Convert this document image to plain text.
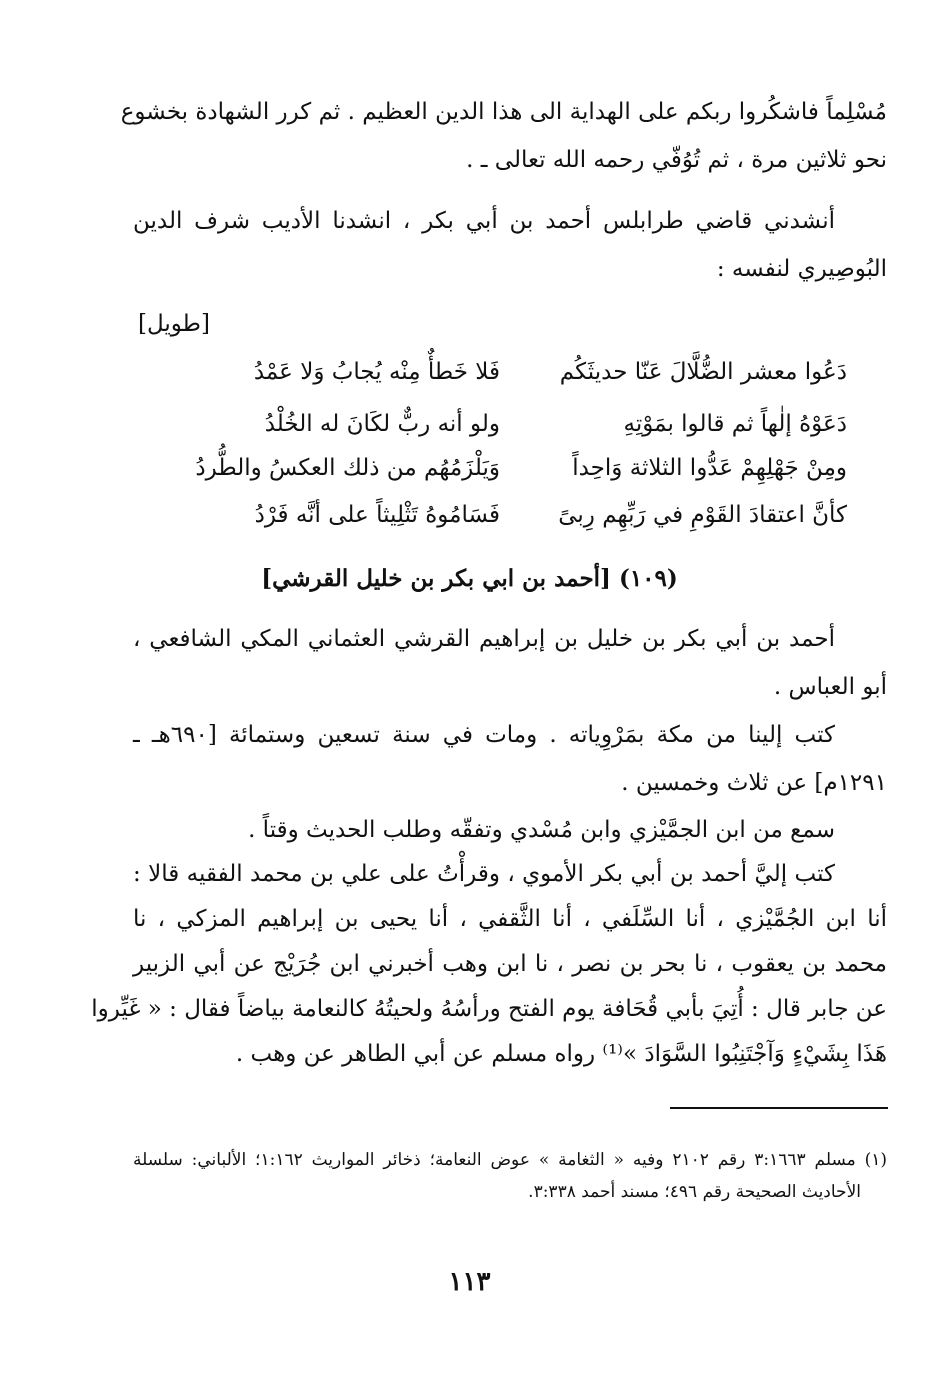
مُسْلِماً فاشكُروا ربكم على الهداية الى هذا الدين العظيم . ثم كرر الشهادة بخشوع
نحو ثلاثين مرة ، ثم تُوُفّي رحمه الله تعالى ـ .
أنشدني قاضي طرابلس أحمد بن أبي بكر ، انشدنا الأديب شرف الدين
البُوصِيري لنفسه :
[طويل]
دَعُوا معشر الضُّلَّالَ عَنّا حديثَكُم
فَلا خَطأٌ مِنْه يُجابُ وَلا عَمْدُ
دَعَوْهُ إلٰهاً ثم قالوا بمَوْتِهِ
ولو أنه ربٌّ لكَانَ له الخُلْدُ
ومِنْ جَهْلِهِمْ عَدُّوا الثلاثة وَاحِداً
وَيَلْزَمُهُم من ذلك العكسُ والطُّردُ
كأنَّ اعتقادَ القَوْمِ في رَبِّهِم رِبىً
فَسَامُوهُ تَثْلِيثاً على أنَّه فَرْدُ
(١٠٩) [أحمد بن ابي بكر بن خليل القرشي]
أحمد بن أبي بكر بن خليل بن إبراهيم القرشي العثماني المكي الشافعي ،
أبو العباس .
كتب إلينا من مكة بمَرْوِياته . ومات في سنة تسعين وستمائة [٦٩٠هـ ـ
١٢٩١م] عن ثلاث وخمسين .
سمع من ابن الجمَّيْزي وابن مُسْدي وتفقّه وطلب الحديث وقتاً .
كتب إليَّ أحمد بن أبي بكر الأموي ، وقرأْتُ على علي بن محمد الفقيه قالا :
أنا ابن الجُمَّيْزي ، أنا السِّلَفي ، أنا الثَّقفي ، أنا يحيى بن إبراهيم المزكي ، نا
محمد بن يعقوب ، نا بحر بن نصر ، نا ابن وهب أخبرني ابن جُرَيْج عن أبي الزبير
عن جابر قال : أُتِيَ بأبي قُحَافة يوم الفتح ورأسُهُ ولحيتُهُ كالنعامة بياضاً فقال : « غَيِّروا
هَذَا بِشَيْءٍ وَآجْتَنِبُوا السَّوَادَ »⁽¹⁾ رواه مسلم عن أبي الطاهر عن وهب .
(١) مسلم ٣:١٦٦٣ رقم ٢١٠٢ وفيه « الثغامة » عوض النعامة؛ ذخائر المواريث ١:١٦٢؛ الألباني: سلسلة
الأحاديث الصحيحة رقم ٤٩٦؛ مسند أحمد ٣:٣٣٨.
١١٣
